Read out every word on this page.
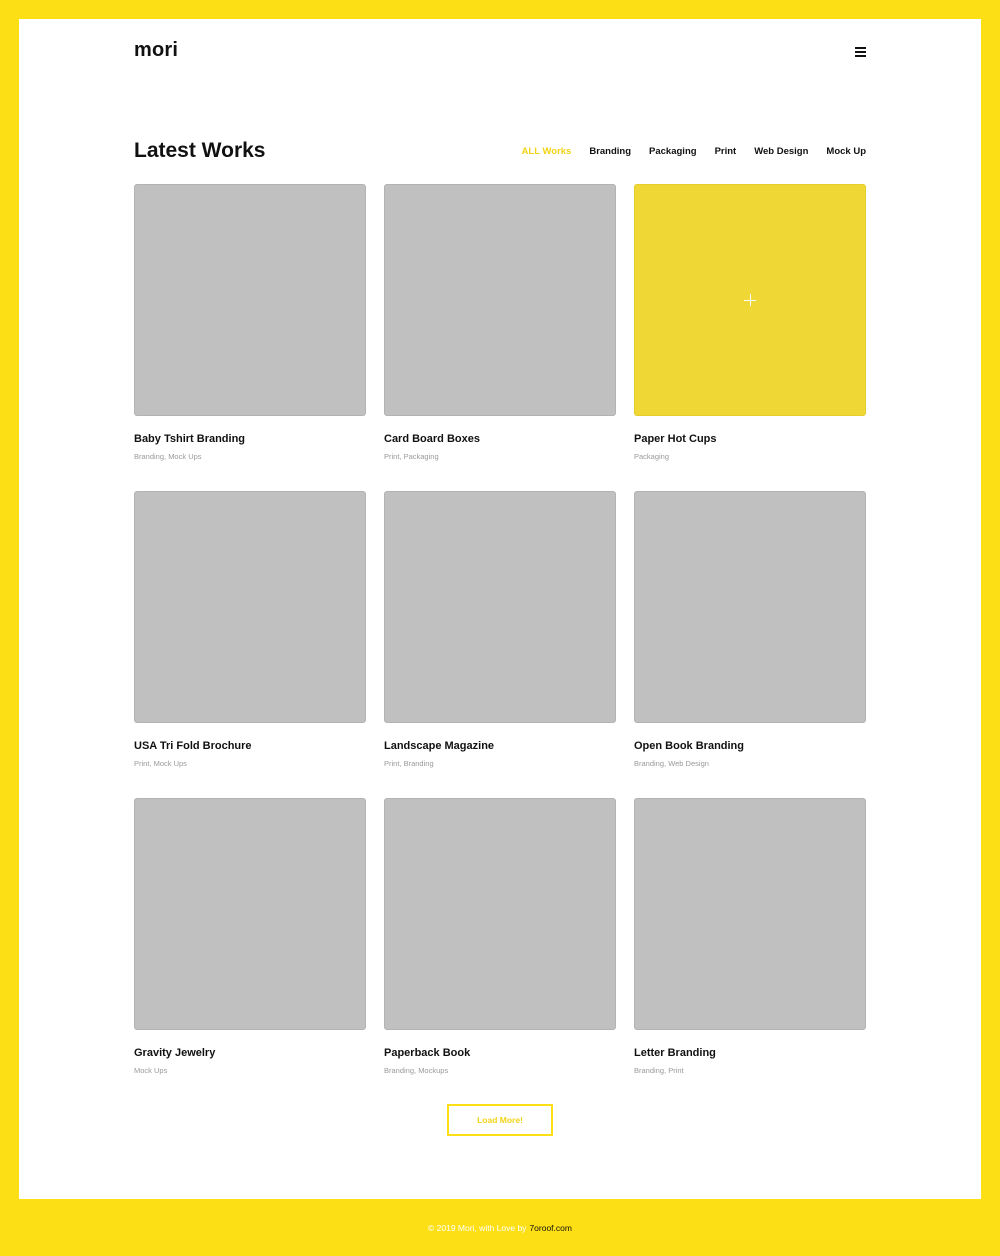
mori
Latest Works	ALL Works Branding Packaging Print Web Design Mock Up
Baby Tshirt Branding
Branding, Mock Ups
Card Board Boxes
Print, Packaging
Paper Hot Cups
Packaging
USA Tri Fold Brochure
Print, Mock Ups
Landscape Magazine
Print, Branding
Open Book Branding
Branding, Web Design
Gravity Jewelry
Mock Ups
Paperback Book
Branding, Mockups
Letter Branding
Branding, Print
Load More!
© 2019 Mori, with Love by 7oroof.com
